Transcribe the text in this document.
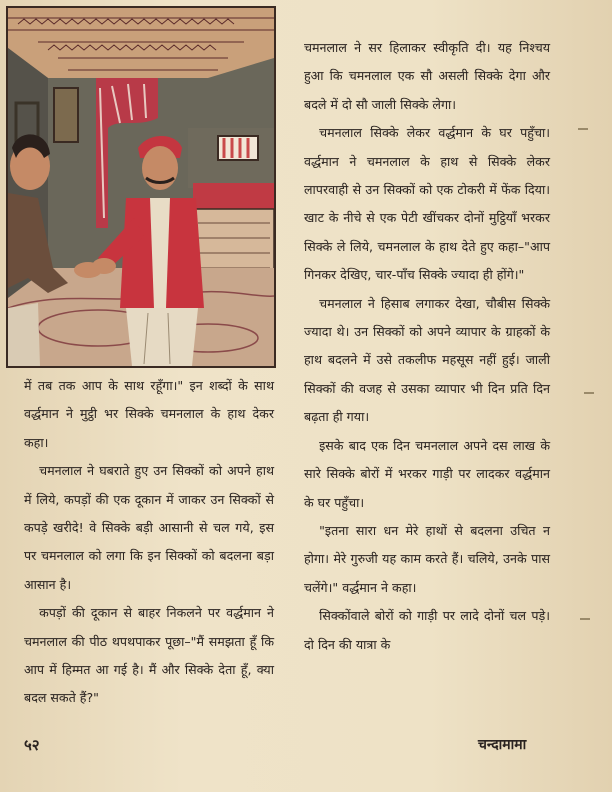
चमनलाल ने सर हिलाकर स्वीकृति दी। यह निश्चय हुआ कि चमनलाल एक सौ असली सिक्के देगा और बदले में दो सौ जाली सिक्के लेगा।

चमनलाल सिक्के लेकर वर्द्धमान के घर पहुँचा। वर्द्धमान ने चमनलाल के हाथ से सिक्के लेकर लापरवाही से उन सिक्कों को एक टोकरी में फेंक दिया। खाट के नीचे से एक पेटी खींचकर दोनों मुट्ठियाँ भरकर सिक्के ले लिये, चमनलाल के हाथ देते हुए कहा–"आप गिनकर देखिए, चार-पाँच सिक्के ज्यादा ही होंगे।"

चमनलाल ने हिसाब लगाकर देखा, चौबीस सिक्के ज्यादा थे। उन सिक्कों को अपने व्यापार के ग्राहकों के हाथ बदलने में उसे तकलीफ महसूस नहीं हुई। जाली सिक्कों की वजह से उसका व्यापार भी दिन प्रति दिन बढ़ता ही गया।

इसके बाद एक दिन चमनलाल अपने दस लाख के सारे सिक्के बोरों में भरकर गाड़ी पर लादकर वर्द्धमान के घर पहुँचा।

"इतना सारा धन मेरे हाथों से बदलना उचित न होगा। मेरे गुरुजी यह काम करते हैं। चलिये, उनके पास चलेंगे।" वर्द्धमान ने कहा।

सिक्कोंवाले बोरों को गाड़ी पर लादे दोनों चल पड़े। दो दिन की यात्रा के

में तब तक आप के साथ रहूँगा।" इन शब्दों के साथ वर्द्धमान ने मुट्ठी भर सिक्के चमनलाल के हाथ देकर कहा।

चमनलाल ने घबराते हुए उन सिक्कों को अपने हाथ में लिये, कपड़ों की एक दूकान में जाकर उन सिक्कों से कपड़े खरीदे! वे सिक्के बड़ी आसानी से चल गये, इस पर चमनलाल को लगा कि इन सिक्कों को बदलना बड़ा आसान है।

कपड़ों की दूकान से बाहर निकलने पर वर्द्धमान ने चमनलाल की पीठ थपथपाकर पूछा–"मैं समझता हूँ कि आप में हिम्मत आ गई है। मैं और सिक्के देता हूँ, क्या बदल सकते हैं?"

५२	चन्दामामा
